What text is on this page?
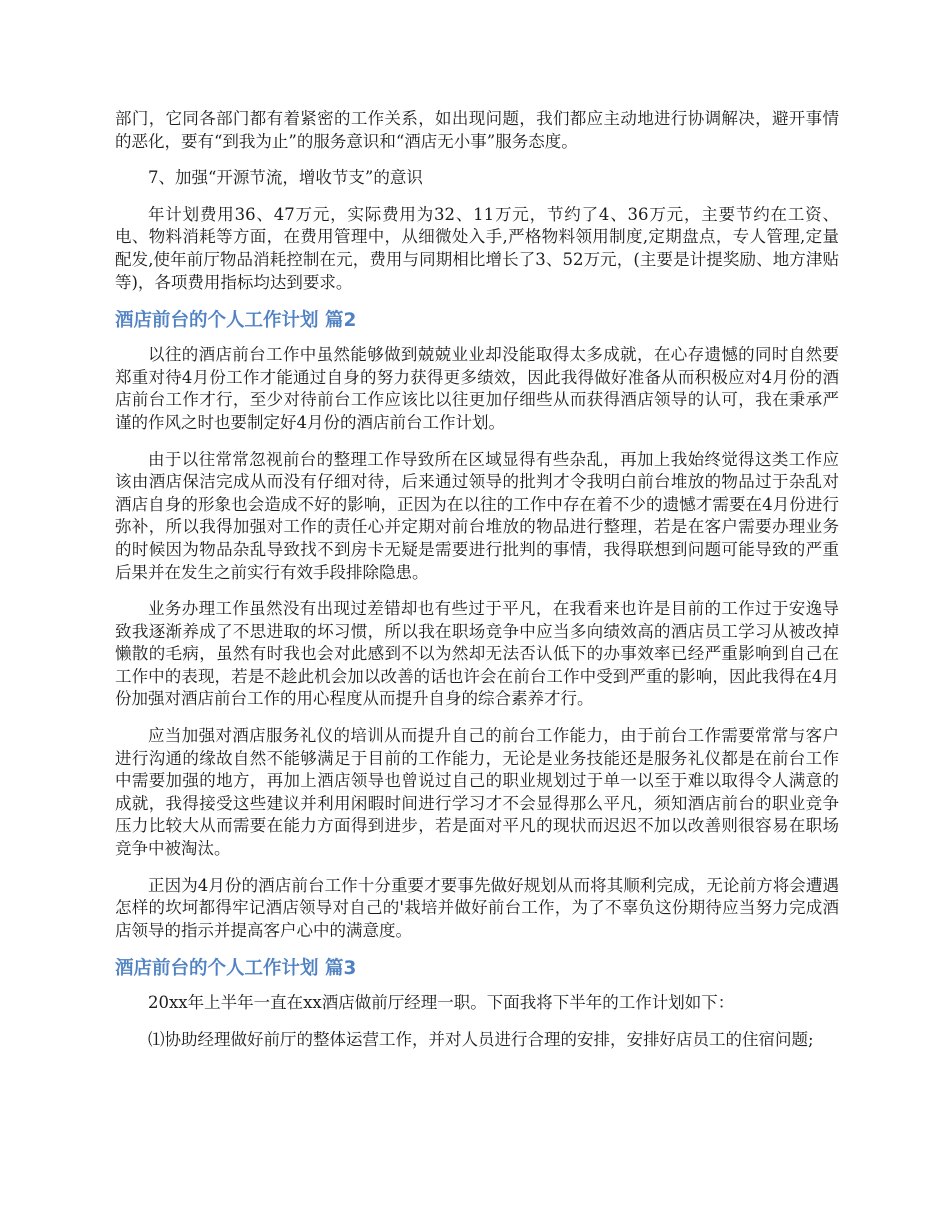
部门，它同各部门都有着紧密的工作关系，如出现问题，我们都应主动地进行协调解决，避开事情的恶化，要有“到我为止”的服务意识和“酒店无小事”服务态度。

7、加强“开源节流，增收节支”的意识

年计划费用36、47万元，实际费用为32、11万元，节约了4、36万元，主要节约在工资、电、物料消耗等方面，在费用管理中，从细微处入手,严格物料领用制度,定期盘点，专人管理,定量配发,使年前厅物品消耗控制在元，费用与同期相比增长了3、52万元，(主要是计提奖励、地方津贴等)，各项费用指标均达到要求。

酒店前台的个人工作计划 篇2

以往的酒店前台工作中虽然能够做到兢兢业业却没能取得太多成就，在心存遗憾的同时自然要郑重对待4月份工作才能通过自身的努力获得更多绩效，因此我得做好准备从而积极应对4月份的酒店前台工作才行，至少对待前台工作应该比以往更加仔细些从而获得酒店领导的认可，我在秉承严谨的作风之时也要制定好4月份的酒店前台工作计划。

由于以往常常忽视前台的整理工作导致所在区域显得有些杂乱，再加上我始终觉得这类工作应该由酒店保洁完成从而没有仔细对待，后来通过领导的批判才令我明白前台堆放的物品过于杂乱对酒店自身的形象也会造成不好的影响，正因为在以往的工作中存在着不少的遗憾才需要在4月份进行弥补，所以我得加强对工作的责任心并定期对前台堆放的物品进行整理，若是在客户需要办理业务的时候因为物品杂乱导致找不到房卡无疑是需要进行批判的事情，我得联想到问题可能导致的严重后果并在发生之前实行有效手段排除隐患。

业务办理工作虽然没有出现过差错却也有些过于平凡，在我看来也许是目前的工作过于安逸导致我逐渐养成了不思进取的坏习惯，所以我在职场竞争中应当多向绩效高的酒店员工学习从被改掉懒散的毛病，虽然有时我也会对此感到不以为然却无法否认低下的办事效率已经严重影响到自己在工作中的表现，若是不趁此机会加以改善的话也许会在前台工作中受到严重的影响，因此我得在4月份加强对酒店前台工作的用心程度从而提升自身的综合素养才行。

应当加强对酒店服务礼仪的培训从而提升自己的前台工作能力，由于前台工作需要常常与客户进行沟通的缘故自然不能够满足于目前的工作能力，无论是业务技能还是服务礼仪都是在前台工作中需要加强的地方，再加上酒店领导也曾说过自己的职业规划过于单一以至于难以取得令人满意的成就，我得接受这些建议并利用闲暇时间进行学习才不会显得那么平凡，须知酒店前台的职业竞争压力比较大从而需要在能力方面得到进步，若是面对平凡的现状而迟迟不加以改善则很容易在职场竞争中被淘汰。

正因为4月份的酒店前台工作十分重要才要事先做好规划从而将其顺利完成，无论前方将会遭遇怎样的坎坷都得牢记酒店领导对自己的'栽培并做好前台工作，为了不辜负这份期待应当努力完成酒店领导的指示并提高客户心中的满意度。

酒店前台的个人工作计划 篇3

20xx年上半年一直在xx酒店做前厅经理一职。下面我将下半年的工作计划如下：

⑴协助经理做好前厅的整体运营工作，并对人员进行合理的安排，安排好店员工的住宿问题;
